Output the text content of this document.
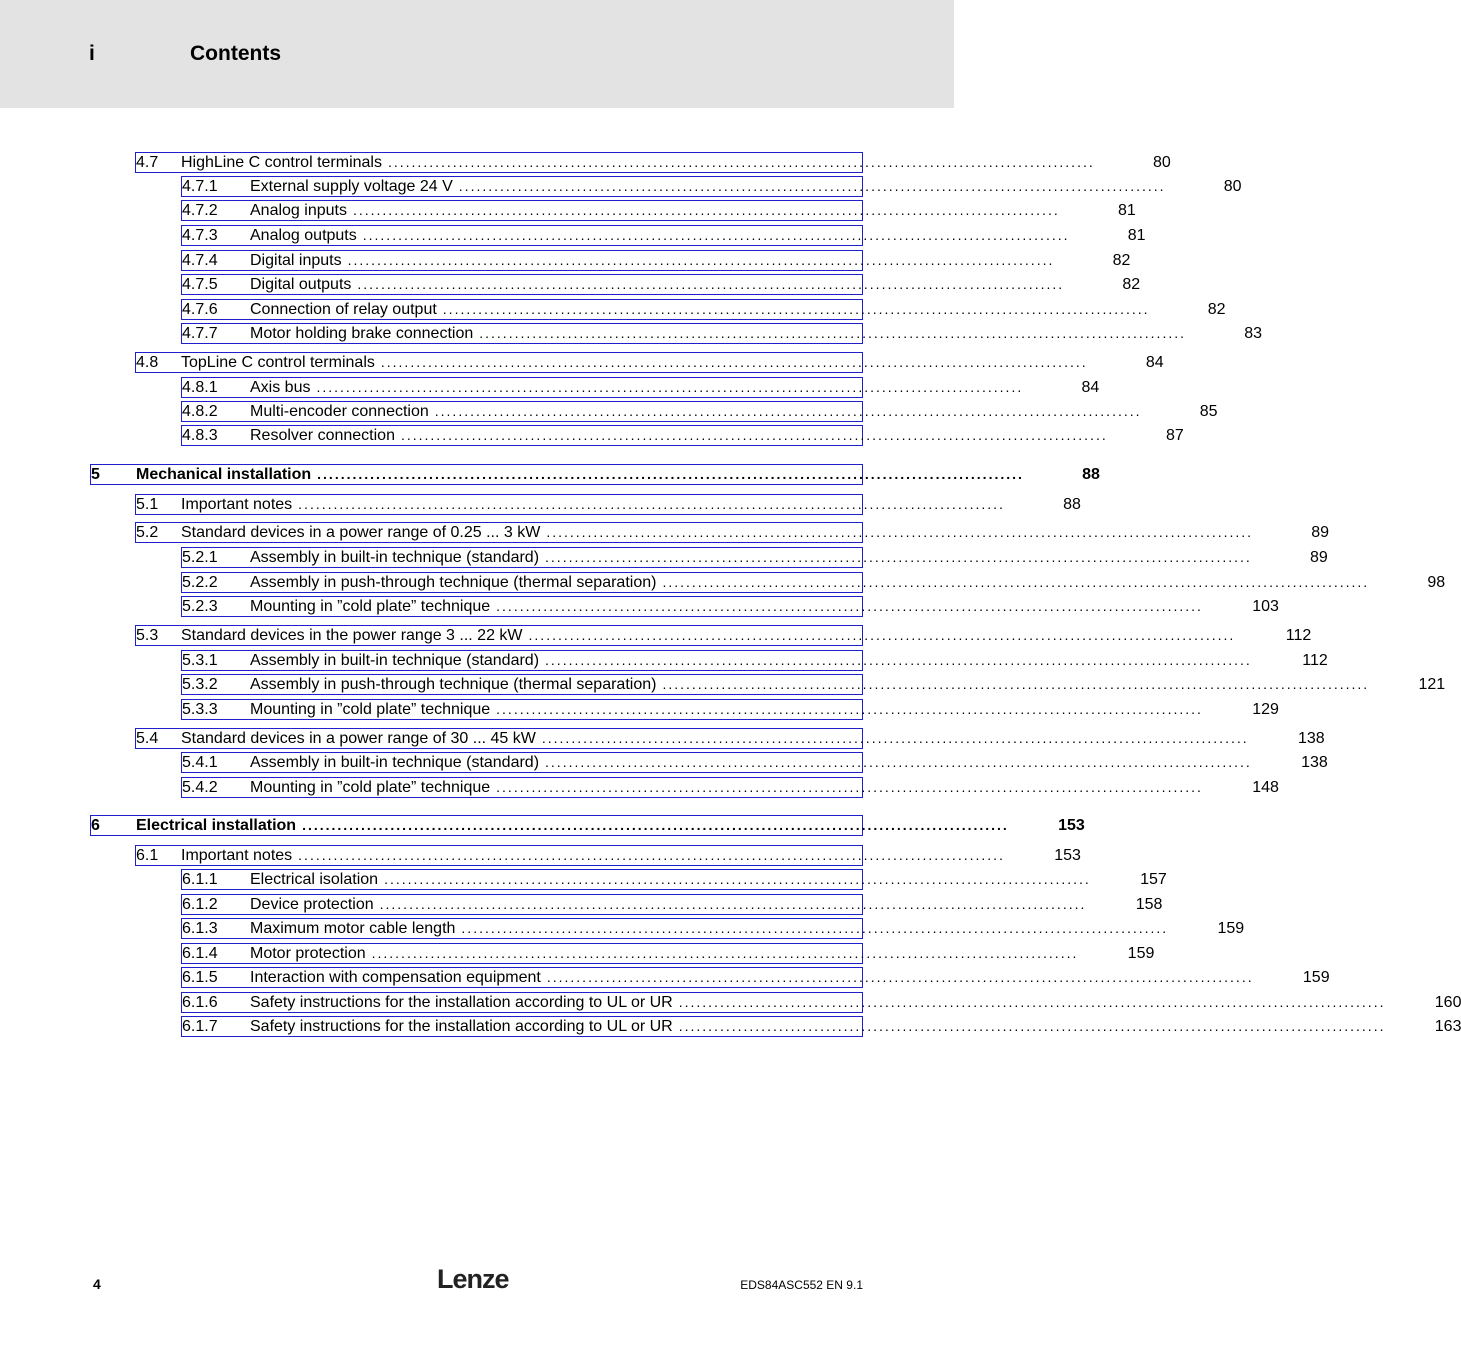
i	Contents
4.7	HighLine C control terminals ........................................................................................................................	80
4.7.1	External supply voltage 24 V ........................................................................................................................	80
4.7.2	Analog inputs ........................................................................................................................	81
4.7.3	Analog outputs ........................................................................................................................	81
4.7.4	Digital inputs ........................................................................................................................	82
4.7.5	Digital outputs ........................................................................................................................	82
4.7.6	Connection of relay output ........................................................................................................................	82
4.7.7	Motor holding brake connection ........................................................................................................................	83
4.8	TopLine C control terminals ........................................................................................................................	84
4.8.1	Axis bus ........................................................................................................................	84
4.8.2	Multi-encoder connection ........................................................................................................................	85
4.8.3	Resolver connection ........................................................................................................................	87
5	Mechanical installation ........................................................................................................................	88
5.1	Important notes ........................................................................................................................	88
5.2	Standard devices in a power range of 0.25 ... 3 kW ........................................................................................................................	89
5.2.1	Assembly in built-in technique (standard) ........................................................................................................................	89
5.2.2	Assembly in push-through technique (thermal separation) ........................................................................................................................	98
5.2.3	Mounting in ”cold plate” technique ........................................................................................................................	103
5.3	Standard devices in the power range 3 ... 22 kW ........................................................................................................................	112
5.3.1	Assembly in built-in technique (standard) ........................................................................................................................	112
5.3.2	Assembly in push-through technique (thermal separation) ........................................................................................................................	121
5.3.3	Mounting in ”cold plate” technique ........................................................................................................................	129
5.4	Standard devices in a power range of 30 ... 45 kW ........................................................................................................................	138
5.4.1	Assembly in built-in technique (standard) ........................................................................................................................	138
5.4.2	Mounting in ”cold plate” technique ........................................................................................................................	148
6	Electrical installation ........................................................................................................................	153
6.1	Important notes ........................................................................................................................	153
6.1.1	Electrical isolation ........................................................................................................................	157
6.1.2	Device protection ........................................................................................................................	158
6.1.3	Maximum motor cable length ........................................................................................................................	159
6.1.4	Motor protection ........................................................................................................................	159
6.1.5	Interaction with compensation equipment ........................................................................................................................	159
6.1.6	Safety instructions for the installation according to UL or UR ........................................................................................................................	160
6.1.7	Safety instructions for the installation according to UL or UR ........................................................................................................................	163
4	Lenze	EDS84ASC552 EN 9.1
